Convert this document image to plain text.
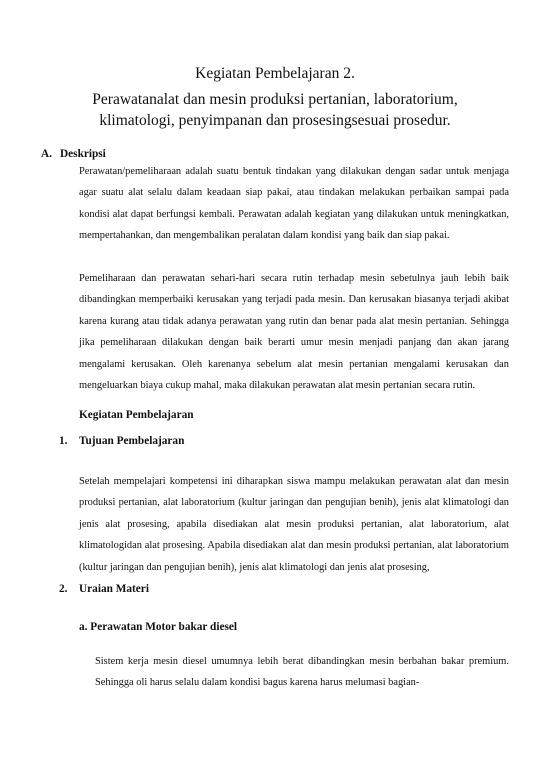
Kegiatan Pembelajaran 2.
Perawatanalat dan mesin produksi pertanian, laboratorium,
klimatologi, penyimpanan dan prosesingsesuai prosedur.
A. Deskripsi
Perawatan/pemeliharaan adalah suatu bentuk tindakan yang dilakukan dengan sadar untuk menjaga agar suatu alat selalu dalam keadaan siap pakai, atau tindakan melakukan perbaikan sampai pada kondisi alat dapat berfungsi kembali. Perawatan adalah kegiatan yang dilakukan untuk meningkatkan, mempertahankan, dan mengembalikan peralatan dalam kondisi yang baik dan siap pakai.
Pemeliharaan dan perawatan sehari-hari secara rutin terhadap mesin sebetulnya jauh lebih baik dibandingkan memperbaiki kerusakan yang terjadi pada mesin. Dan kerusakan biasanya terjadi akibat karena kurang atau tidak adanya perawatan yang rutin dan benar pada alat mesin pertanian. Sehingga jika pemeliharaan dilakukan dengan baik berarti umur mesin menjadi panjang dan akan jarang mengalami kerusakan. Oleh karenanya sebelum alat mesin pertanian mengalami kerusakan dan mengeluarkan biaya cukup mahal, maka dilakukan perawatan alat mesin pertanian secara rutin.
Kegiatan Pembelajaran
1. Tujuan Pembelajaran
Setelah mempelajari kompetensi ini diharapkan siswa mampu melakukan perawatan alat dan mesin produksi pertanian, alat laboratorium (kultur jaringan dan pengujian benih), jenis alat klimatologi dan jenis alat prosesing, apabila disediakan alat mesin produksi pertanian, alat laboratorium, alat klimatologidan alat prosesing. Apabila disediakan alat dan mesin produksi pertanian, alat laboratorium (kultur jaringan dan pengujian benih), jenis alat klimatologi dan jenis alat prosesing,
2. Uraian Materi
a. Perawatan Motor bakar diesel
Sistem kerja mesin diesel umumnya lebih berat dibandingkan mesin berbahan bakar premium. Sehingga oli harus selalu dalam kondisi bagus karena harus melumasi bagian-
